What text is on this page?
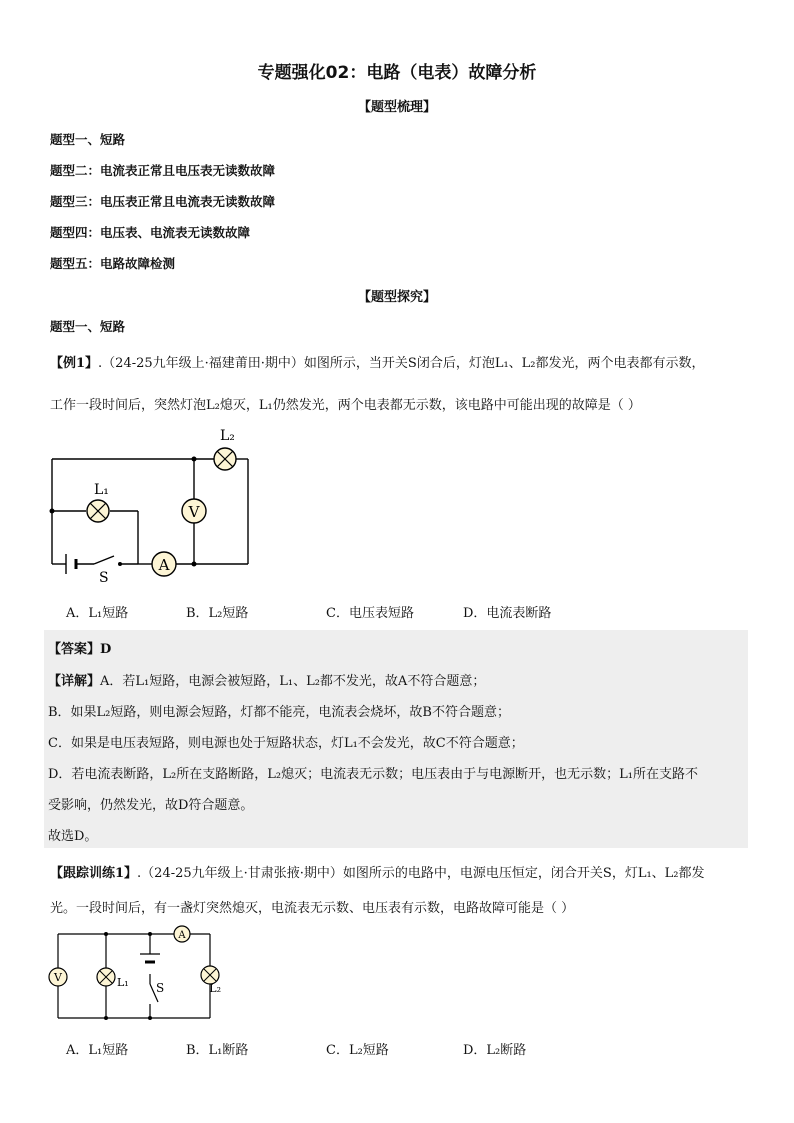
专题强化02：电路（电表）故障分析
【题型梳理】
题型一、短路
题型二：电流表正常且电压表无读数故障
题型三：电压表正常且电流表无读数故障
题型四：电压表、电流表无读数故障
题型五：电路故障检测
【题型探究】
题型一、短路
【例1】.（24-25九年级上·福建莆田·期中）如图所示，当开关S闭合后，灯泡L₁、L₂都发光，两个电表都有示数，
工作一段时间后，突然灯泡L₂熄灭，L₁仍然发光，两个电表都无示数，该电路中可能出现的故障是（ ）
L₂
L₁
V
A
S
A．L₁短路	B．L₂短路	C．电压表短路	D．电流表断路
【答案】D
【详解】A．若L₁短路，电源会被短路，L₁、L₂都不发光，故A不符合题意；
B．如果L₂短路，则电源会短路，灯都不能亮，电流表会烧坏，故B不符合题意；
C．如果是电压表短路，则电源也处于短路状态，灯L₁不会发光，故C不符合题意；
D．若电流表断路，L₂所在支路断路，L₂熄灭；电流表无示数；电压表由于与电源断开，也无示数；L₁所在支路不
受影响，仍然发光，故D符合题意。
故选D。
【跟踪训练1】.（24-25九年级上·甘肃张掖·期中）如图所示的电路中，电源电压恒定，闭合开关S，灯L₁、L₂都发
光。一段时间后，有一盏灯突然熄灭，电流表无示数、电压表有示数，电路故障可能是（ ）
V	L₁
A
S	L₂
A．L₁短路	B．L₁断路	C．L₂短路	D．L₂断路
